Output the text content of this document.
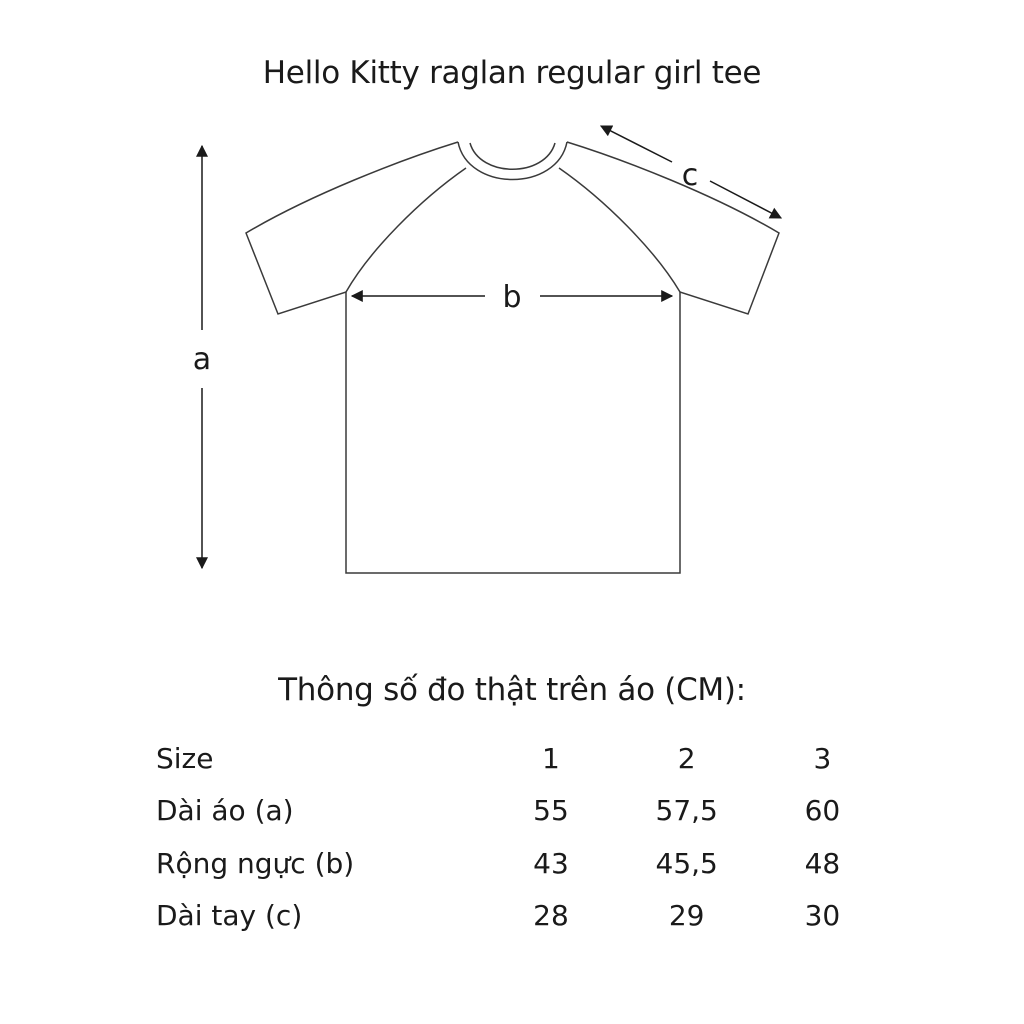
Hello Kitty raglan regular girl tee
a
b
c
Thông số đo thật trên áo (CM):
Size	1	2	3
Dài áo (a)	55	57,5	60
Rộng ngực (b)	43	45,5	48
Dài tay (c)	28	29	30
